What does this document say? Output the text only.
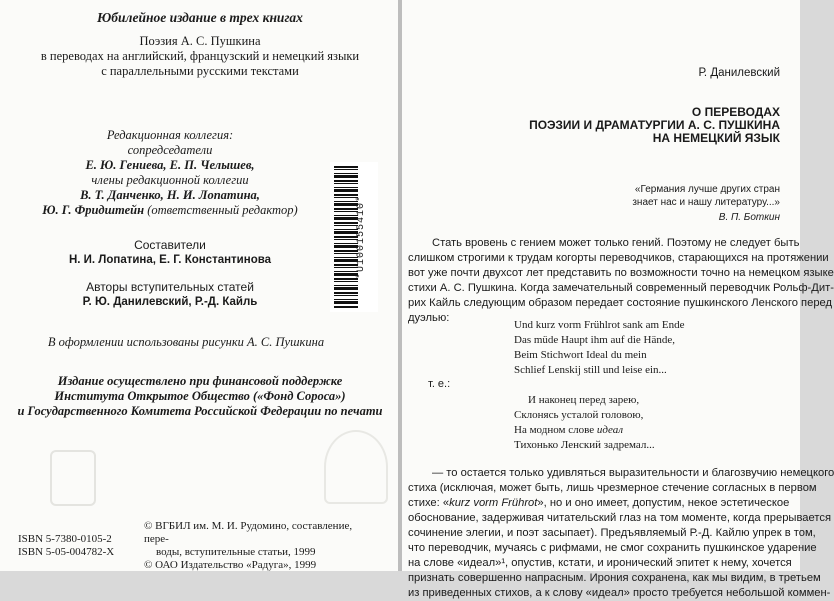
Юбилейное издание в трех книгах
Поэзия А. С. Пушкина
в переводах на английский, французский и немецкий языки
с параллельными русскими текстами
Редакционная коллегия:
сопредседатели
Е. Ю. Гениева, Е. П. Челышев,
члены редакционной коллегии
В. Т. Данченко, Н. И. Лопатина,
Ю. Г. Фридштейн (ответственный редактор)
Составители
Н. И. Лопатина, Е. Г. Константинова
Авторы вступительных статей
Р. Ю. Данилевский, Р.-Д. Кайль
В оформлении использованы рисунки А. С. Пушкина
Издание осуществлено при финансовой поддержке
Института Открытое Общество («Фонд Сороса»)
и Государственного Комитета Российской Федерации по печати
*U100155410*
ISBN 5-7380-0105-2
ISBN 5-05-004782-X
© ВГБИЛ им. М. И. Рудомино, составление, пере-
воды, вступительные статьи, 1999
© ОАО Издательство «Радуга», 1999
Р. Данилевский
О ПЕРЕВОДАХ
ПОЭЗИИ И ДРАМАТУРГИИ А. С. ПУШКИНА
НА НЕМЕЦКИЙ ЯЗЫК
«Германия лучше других стран
знает нас и нашу литературу...»
В. П. Боткин
Стать вровень с гением может только гений. Поэтому не следует быть
слишком строгими к трудам когорты переводчиков, старающихся на протяжении
вот уже почти двухсот лет представить по возможности точно на немецком языке
стихи А. С. Пушкина. Когда замечательный современный переводчик Рольф-Дит-
рих Кайль следующим образом передает состояние пушкинского Ленского перед
дуэлью:
Und kurz vorm Frühlrot sank am Ende
Das müde Haupt ihm auf die Hände,
Beim Stichwort Ideal du mein
Schlief Lenskij still und leise ein...
т. е.:
И наконец перед зарею,
Склонясь усталой головою,
На модном слове идеал
Тихонько Ленский задремал...
— то остается только удивляться выразительности и благозвучию немецкого
стиха (исключая, может быть, лишь чрезмерное стечение согласных в первом
стихе: «kurz vorm Frührot», но и оно имеет, допустим, некое эстетическое
обоснование, задерживая читательский глаз на том моменте, когда прерывается
сочинение элегии, и поэт засыпает). Предъявляемый Р.-Д. Кайлю упрек в том,
что переводчик, мучаясь с рифмами, не смог сохранить пушкинское ударение
на слове «идеал»¹, опустив, кстати, и иронический эпитет к нему, хочется
признать совершенно напрасным. Ирония сохранена, как мы видим, в третьем
из приведенных стихов, а к слову «идеал» просто требуется небольшой коммен-
